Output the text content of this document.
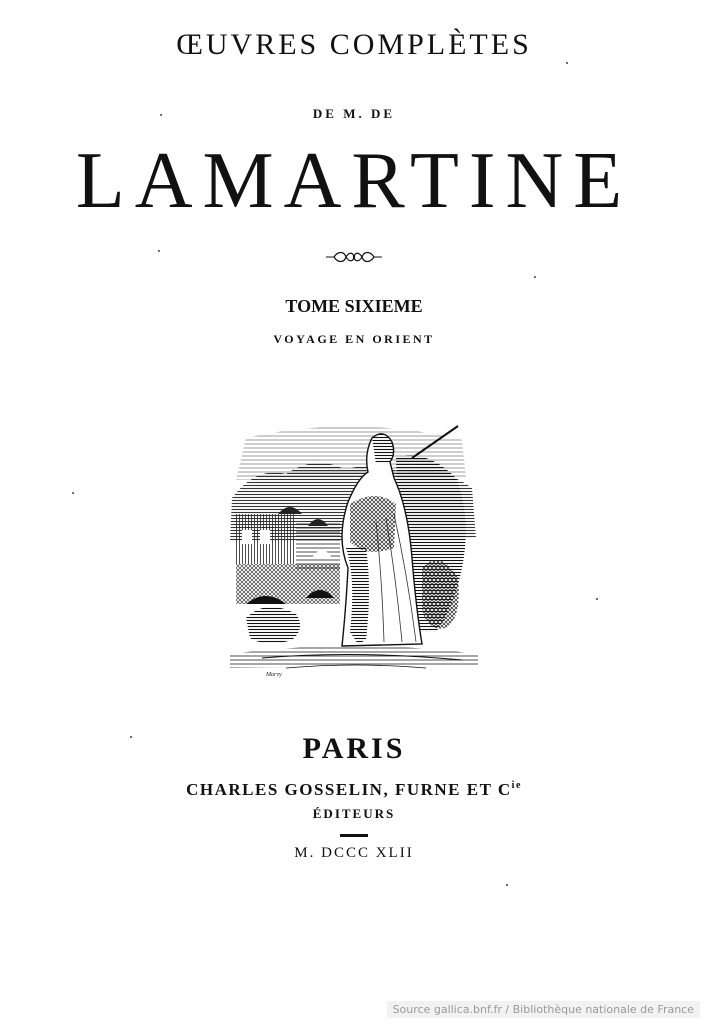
ŒUVRES COMPLÈTES
DE M. DE
LAMARTINE
TOME SIXIEME
VOYAGE EN ORIENT
Marvy
PARIS
CHARLES GOSSELIN, FURNE ET $C^{ie}$
ÉDITEURS
M. DCCC XLII
Source gallica.bnf.fr / Bibliothèque nationale de France
